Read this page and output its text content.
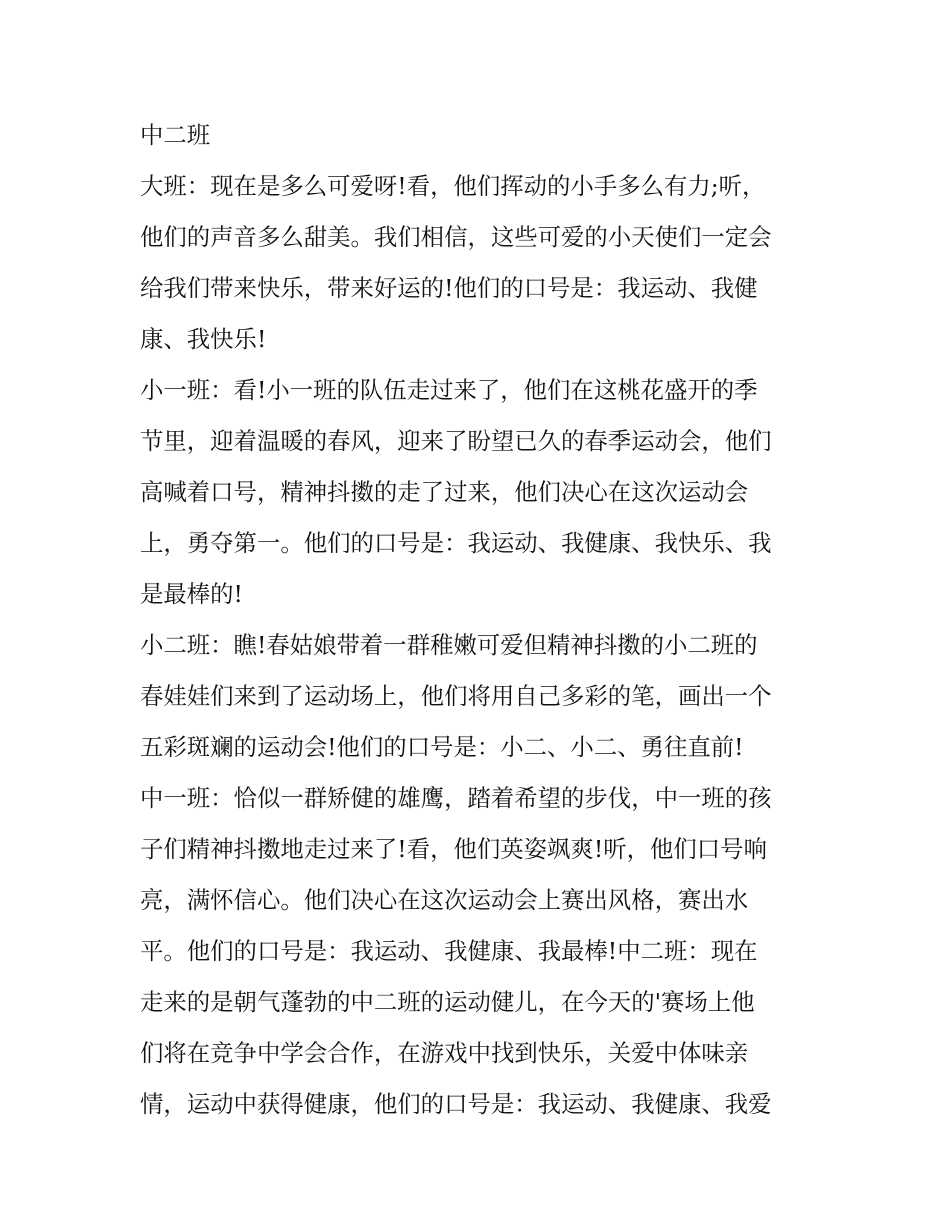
中二班
大班：现在是多么可爱呀!看，他们挥动的小手多么有力;听，
他们的声音多么甜美。我们相信，这些可爱的小天使们一定会
给我们带来快乐，带来好运的!他们的口号是：我运动、我健
康、我快乐!
小一班：看!小一班的队伍走过来了，他们在这桃花盛开的季
节里，迎着温暖的春风，迎来了盼望已久的春季运动会，他们
高喊着口号，精神抖擞的走了过来，他们决心在这次运动会
上，勇夺第一。他们的口号是：我运动、我健康、我快乐、我
是最棒的!
小二班：瞧!春姑娘带着一群稚嫩可爱但精神抖擞的小二班的
春娃娃们来到了运动场上，他们将用自己多彩的笔，画出一个
五彩斑斓的运动会!他们的口号是：小二、小二、勇往直前!
中一班：恰似一群矫健的雄鹰，踏着希望的步伐，中一班的孩
子们精神抖擞地走过来了!看，他们英姿飒爽!听，他们口号响
亮，满怀信心。他们决心在这次运动会上赛出风格，赛出水
平。他们的口号是：我运动、我健康、我最棒!中二班：现在
走来的是朝气蓬勃的中二班的运动健儿，在今天的'赛场上他
们将在竞争中学会合作，在游戏中找到快乐，关爱中体味亲
情，运动中获得健康，他们的口号是：我运动、我健康、我爱
